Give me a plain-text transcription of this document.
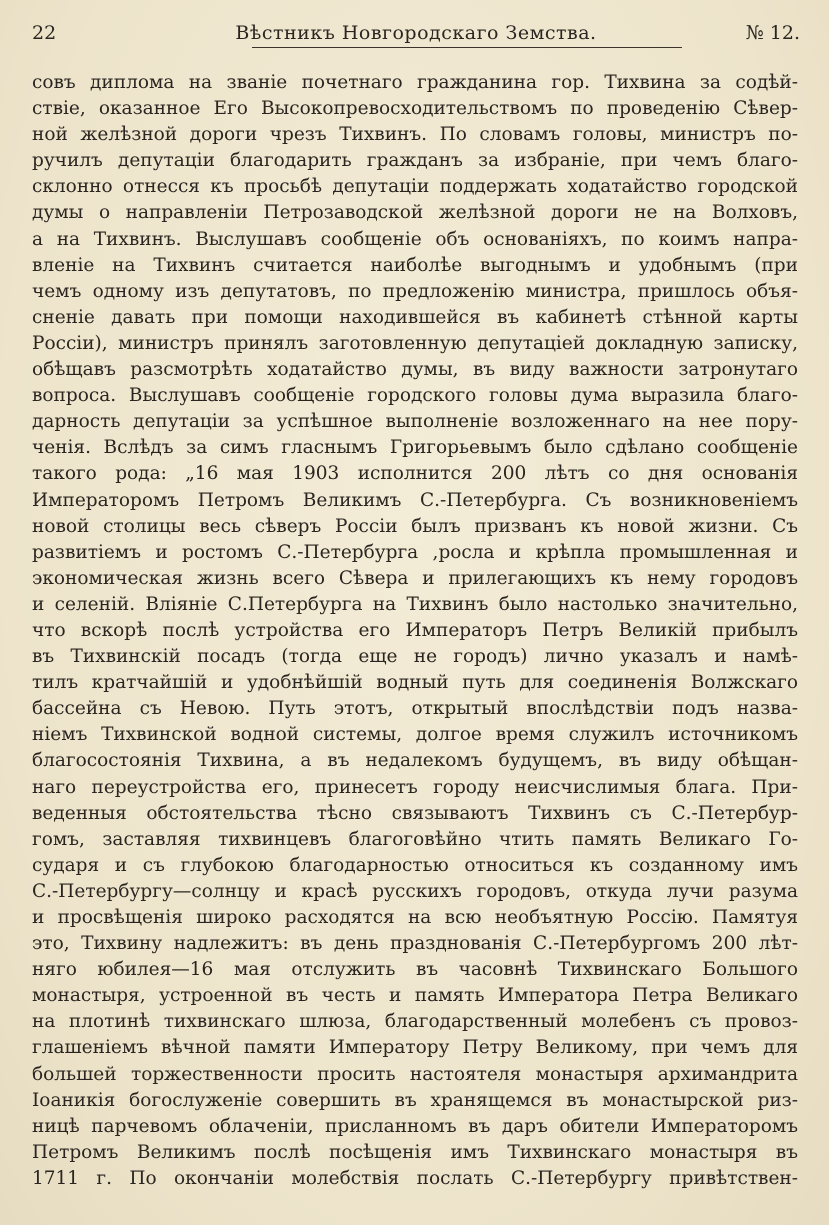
22	Вѣстникъ Новгородскаго Земства.	№ 12.
совъ диплома на званіе почетнаго гражданина гор. Тихвина за содѣй-
ствіе, оказанное Его Высокопревосходительствомъ по проведенію Сѣвер-
ной желѣзной дороги чрезъ Тихвинъ. По словамъ головы, министръ по-
ручилъ депутаціи благодарить гражданъ за избраніе, при чемъ благо-
склонно отнесся къ просьбѣ депутаціи поддержать ходатайство городской
думы о направленіи Петрозаводской желѣзной дороги не на Волховъ,
а на Тихвинъ. Выслушавъ сообщеніе объ основаніяхъ, по коимъ напра-
вленіе на Тихвинъ считается наиболѣе выгоднымъ и удобнымъ (при
чемъ одному изъ депутатовъ, по предложенію министра, пришлось объя-
сненіе давать при помощи находившейся въ кабинетѣ стѣнной карты
Россіи), министръ принялъ заготовленную депутаціей докладную записку,
обѣщавъ разсмотрѣть ходатайство думы, въ виду важности затронутаго
вопроса. Выслушавъ сообщеніе городского головы дума выразила благо-
дарность депутаціи за успѣшное выполненіе возложеннаго на нее пору-
ченія. Вслѣдъ за симъ гласнымъ Григорьевымъ было сдѣлано сообщеніе
такого рода: „16 мая 1903 исполнится 200 лѣтъ со дня основанія
Императоромъ Петромъ Великимъ С.-Петербурга. Съ возникновеніемъ
новой столицы весь сѣверъ Россіи былъ призванъ къ новой жизни. Съ
развитіемъ и ростомъ С.-Петербурга ,росла и крѣпла промышленная и
экономическая жизнь всего Сѣвера и прилегающихъ къ нему городовъ
и селеній. Вліяніе С.Петербурга на Тихвинъ было настолько значительно,
что вскорѣ послѣ устройства его Императоръ Петръ Великій прибылъ
въ Тихвинскій посадъ (тогда еще не городъ) лично указалъ и намѣ-
тилъ кратчайшій и удобнѣйшій водный путь для соединенія Волжскаго
бассейна съ Невою. Путь этотъ, открытый впослѣдствіи подъ назва-
ніемъ Тихвинской водной системы, долгое время служилъ источникомъ
благосостоянія Тихвина, а въ недалекомъ будущемъ, въ виду обѣщан-
наго переустройства его, принесетъ городу неисчислимыя блага. При-
веденныя обстоятельства тѣсно связываютъ Тихвинъ съ С.-Петербур-
гомъ, заставляя тихвинцевъ благоговѣйно чтить память Великаго Го-
сударя и съ глубокою благодарностью относиться къ созданному имъ
С.-Петербургу—солнцу и красѣ русскихъ городовъ, откуда лучи разума
и просвѣщенія широко расходятся на всю необъятную Россію. Памятуя
это, Тихвину надлежитъ: въ день празднованія С.-Петербургомъ 200 лѣт-
няго юбилея—16 мая отслужить въ часовнѣ Тихвинскаго Большого
монастыря, устроенной въ честь и память Императора Петра Великаго
на плотинѣ тихвинскаго шлюза, благодарственный молебенъ съ провоз-
глашеніемъ вѣчной памяти Императору Петру Великому, при чемъ для
большей торжественности просить настоятеля монастыря архимандрита
Іоаникія богослуженіе совершить въ хранящемся въ монастырской риз-
ницѣ парчевомъ облаченіи, присланномъ въ даръ обители Императоромъ
Петромъ Великимъ послѣ посѣщенія имъ Тихвинскаго монастыря въ
1711 г. По окончаніи молебствія послать С.-Петербургу привѣтствен-
